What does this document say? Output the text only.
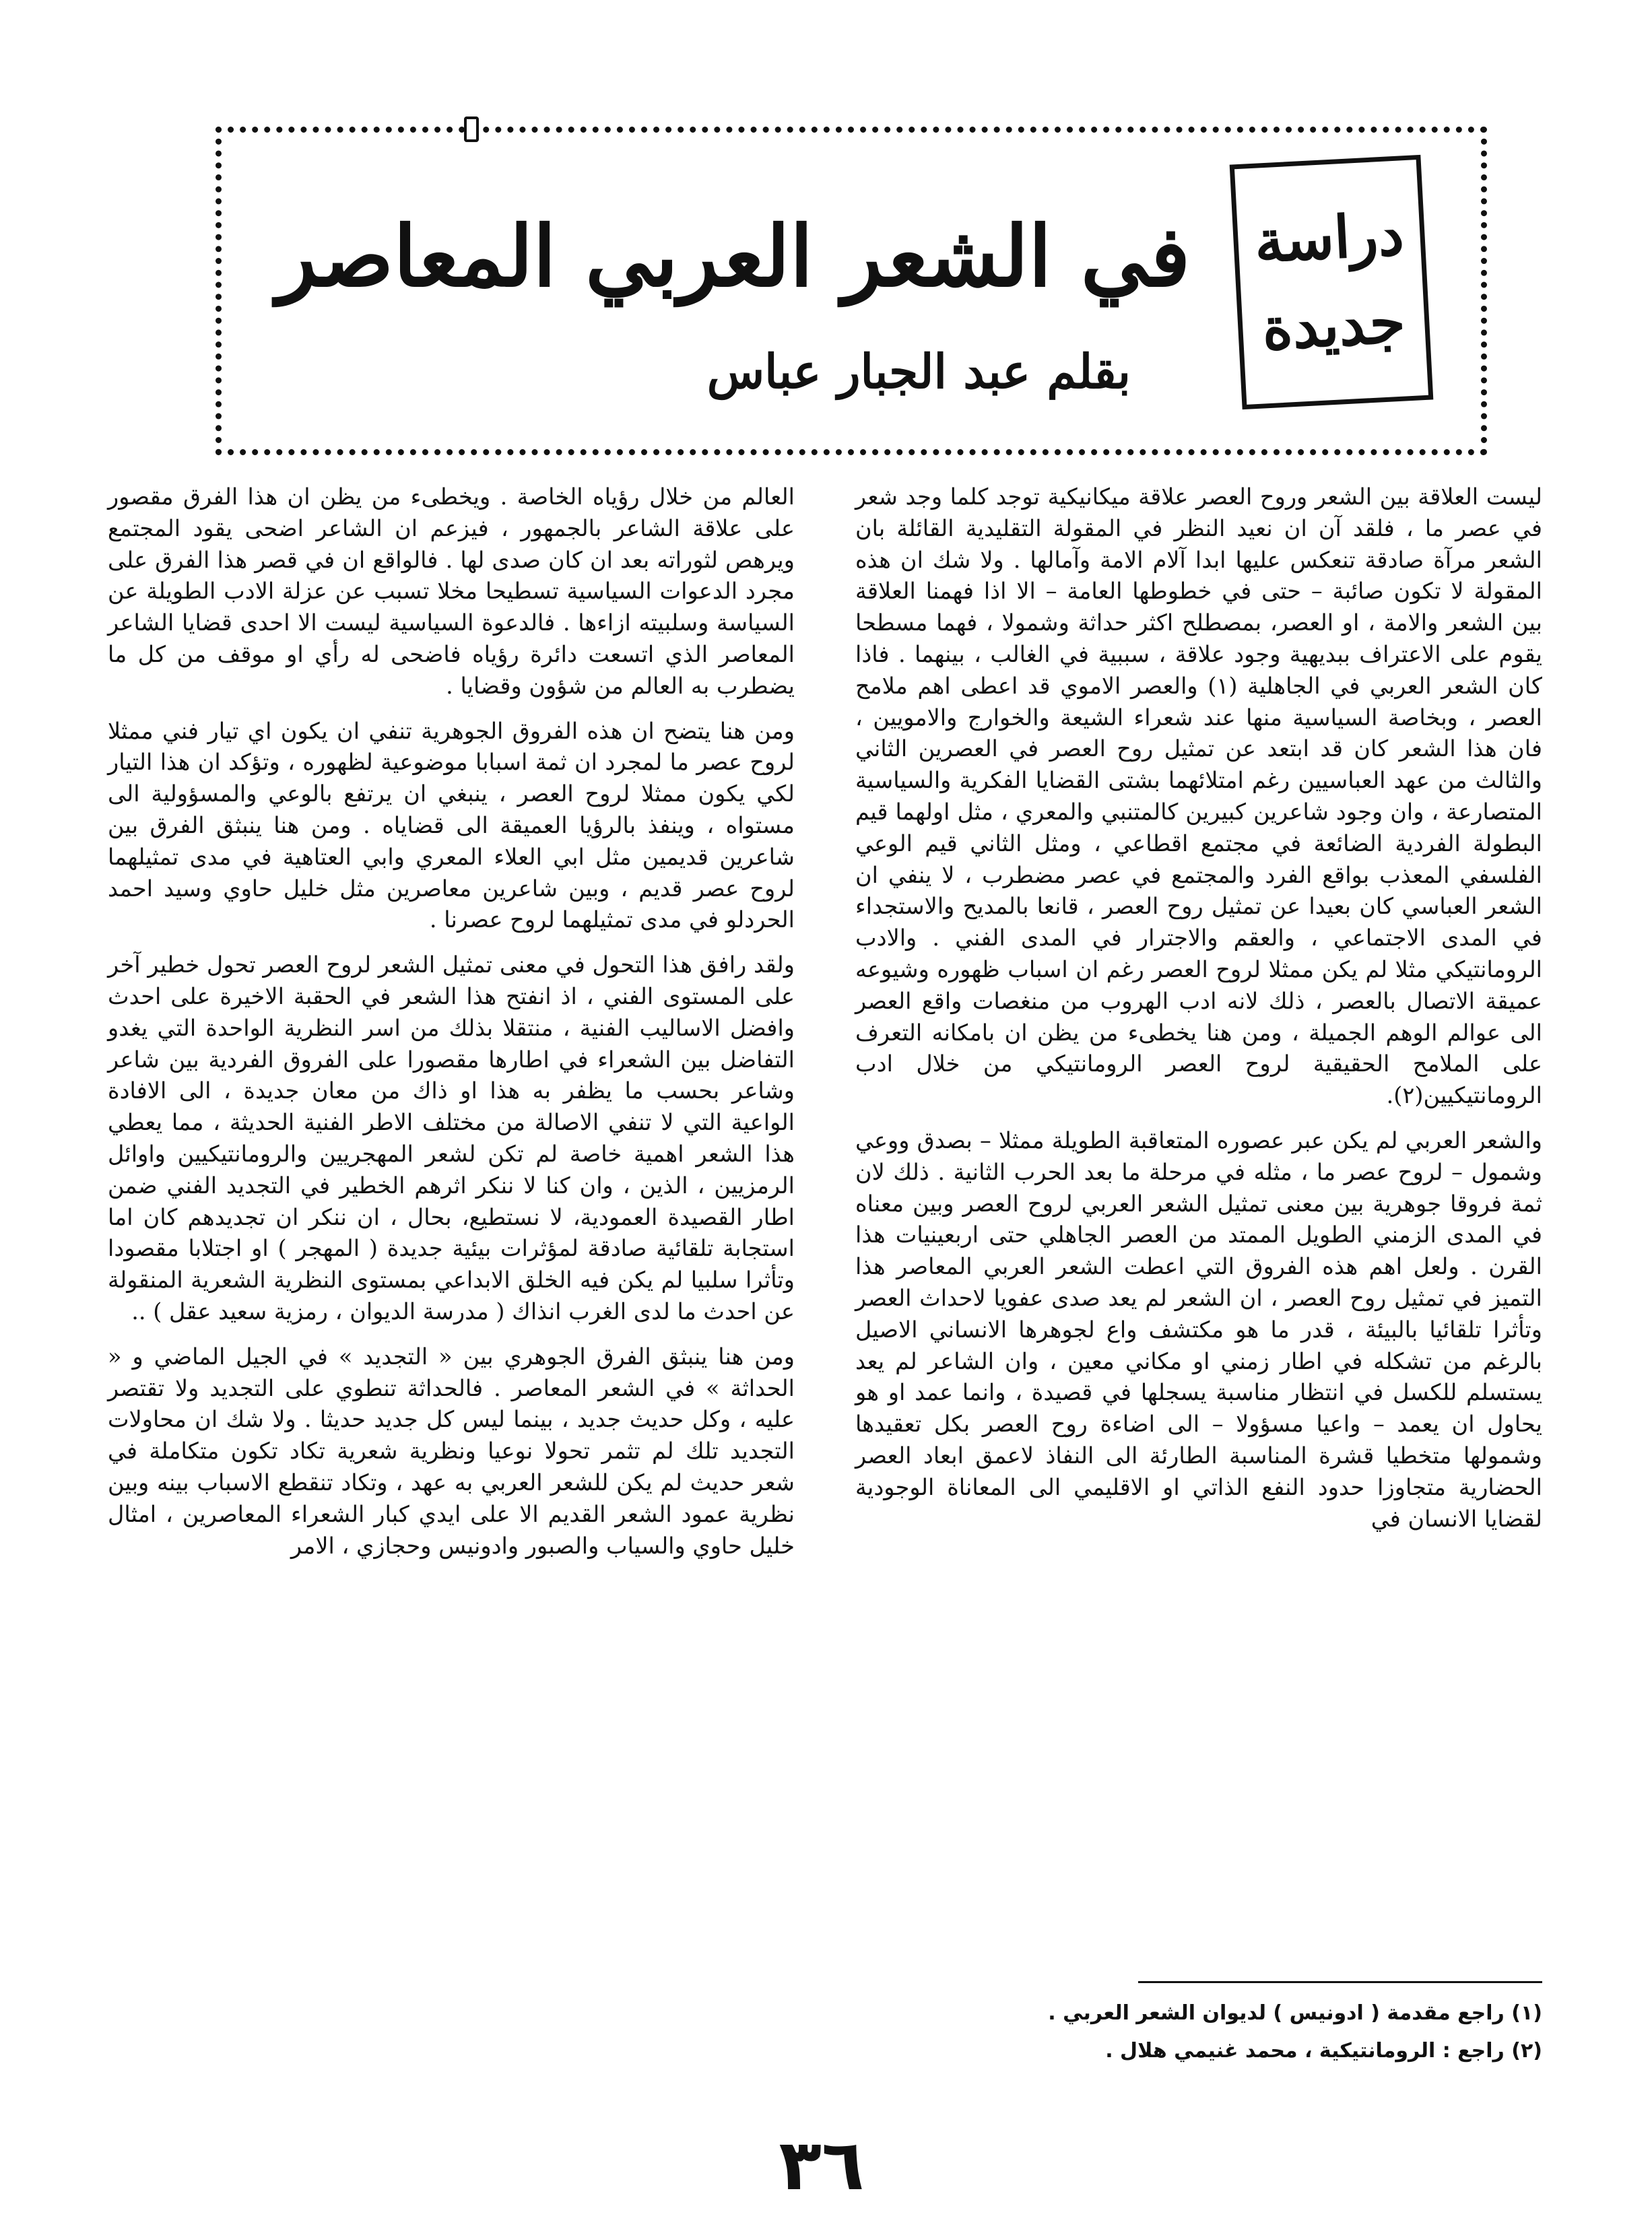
دراسة
جديدة
في الشعر العربي المعاصر
بقلم عبد الجبار عباس

ليست العلاقة بين الشعر وروح العصر علاقة ميكانيكية توجد كلما وجد شعر في عصر ما ، فلقد آن ان نعيد النظر في المقولة التقليدية القائلة بان الشعر مرآة صادقة تنعكس عليها ابدا آلام الامة وآمالها . ولا شك ان هذه المقولة لا تكون صائبة – حتى في خطوطها العامة – الا اذا فهمنا العلاقة بين الشعر والامة ، او العصر، بمصطلح اكثر حداثة وشمولا ، فهما مسطحا يقوم على الاعتراف ببديهية وجود علاقة ، سببية في الغالب ، بينهما . فاذا كان الشعر العربي في الجاهلية (١) والعصر الاموي قد اعطى اهم ملامح العصر ، وبخاصة السياسية منها عند شعراء الشيعة والخوارج والامويين ، فان هذا الشعر كان قد ابتعد عن تمثيل روح العصر في العصرين الثاني والثالث من عهد العباسيين رغم امتلائهما بشتى القضايا الفكرية والسياسية المتصارعة ، وان وجود شاعرين كبيرين كالمتنبي والمعري ، مثل اولهما قيم البطولة الفردية الضائعة في مجتمع اقطاعي ، ومثل الثاني قيم الوعي الفلسفي المعذب بواقع الفرد والمجتمع في عصر مضطرب ، لا ينفي ان الشعر العباسي كان بعيدا عن تمثيل روح العصر ، قانعا بالمديح والاستجداء في المدى الاجتماعي ، والعقم والاجترار في المدى الفني . والادب الرومانتيكي مثلا لم يكن ممثلا لروح العصر رغم ان اسباب ظهوره وشيوعه عميقة الاتصال بالعصر ، ذلك لانه ادب الهروب من منغصات واقع العصر الى عوالم الوهم الجميلة ، ومن هنا يخطىء من يظن ان بامكانه التعرف على الملامح الحقيقية لروح العصر الرومانتيكي من خلال ادب الرومانتيكيين(٢).

والشعر العربي لم يكن عبر عصوره المتعاقبة الطويلة ممثلا – بصدق ووعي وشمول – لروح عصر ما ، مثله في مرحلة ما بعد الحرب الثانية . ذلك لان ثمة فروقا جوهرية بين معنى تمثيل الشعر العربي لروح العصر وبين معناه في المدى الزمني الطويل الممتد من العصر الجاهلي حتى اربعينيات هذا القرن . ولعل اهم هذه الفروق التي اعطت الشعر العربي المعاصر هذا التميز في تمثيل روح العصر ، ان الشعر لم يعد صدى عفويا لاحداث العصر وتأثرا تلقائيا بالبيئة ، قدر ما هو مكتشف واع لجوهرها الانساني الاصيل بالرغم من تشكله في اطار زمني او مكاني معين ، وان الشاعر لم يعد يستسلم للكسل في انتظار مناسبة يسجلها في قصيدة ، وانما عمد او هو يحاول ان يعمد – واعيا مسؤولا – الى اضاءة روح العصر بكل تعقيدها وشمولها متخطيا قشرة المناسبة الطارئة الى النفاذ لاعمق ابعاد العصر الحضارية متجاوزا حدود النفع الذاتي او الاقليمي الى المعاناة الوجودية لقضايا الانسان في

العالم من خلال رؤياه الخاصة . ويخطىء من يظن ان هذا الفرق مقصور على علاقة الشاعر بالجمهور ، فيزعم ان الشاعر اضحى يقود المجتمع ويرهص لثوراته بعد ان كان صدى لها . فالواقع ان في قصر هذا الفرق على مجرد الدعوات السياسية تسطيحا مخلا تسبب عن عزلة الادب الطويلة عن السياسة وسلبيته ازاءها . فالدعوة السياسية ليست الا احدى قضايا الشاعر المعاصر الذي اتسعت دائرة رؤياه فاضحى له رأي او موقف من كل ما يضطرب به العالم من شؤون وقضايا .

ومن هنا يتضح ان هذه الفروق الجوهرية تنفي ان يكون اي تيار فني ممثلا لروح عصر ما لمجرد ان ثمة اسبابا موضوعية لظهوره ، وتؤكد ان هذا التيار لكي يكون ممثلا لروح العصر ، ينبغي ان يرتفع بالوعي والمسؤولية الى مستواه ، وينفذ بالرؤيا العميقة الى قضاياه . ومن هنا ينبثق الفرق بين شاعرين قديمين مثل ابي العلاء المعري وابي العتاهية في مدى تمثيلهما لروح عصر قديم ، وبين شاعرين معاصرين مثل خليل حاوي وسيد احمد الحردلو في مدى تمثيلهما لروح عصرنا .

ولقد رافق هذا التحول في معنى تمثيل الشعر لروح العصر تحول خطير آخر على المستوى الفني ، اذ انفتح هذا الشعر في الحقبة الاخيرة على احدث وافضل الاساليب الفنية ، منتقلا بذلك من اسر النظرية الواحدة التي يغدو التفاضل بين الشعراء في اطارها مقصورا على الفروق الفردية بين شاعر وشاعر بحسب ما يظفر به هذا او ذاك من معان جديدة ، الى الافادة الواعية التي لا تنفي الاصالة من مختلف الاطر الفنية الحديثة ، مما يعطي هذا الشعر اهمية خاصة لم تكن لشعر المهجريين والرومانتيكيين واوائل الرمزيين ، الذين ، وان كنا لا ننكر اثرهم الخطير في التجديد الفني ضمن اطار القصيدة العمودية، لا نستطيع، بحال ، ان ننكر ان تجديدهم كان اما استجابة تلقائية صادقة لمؤثرات بيئية جديدة ( المهجر ) او اجتلابا مقصودا وتأثرا سلبيا لم يكن فيه الخلق الابداعي بمستوى النظرية الشعرية المنقولة عن احدث ما لدى الغرب انذاك ( مدرسة الديوان ، رمزية سعيد عقل ) ..

ومن هنا ينبثق الفرق الجوهري بين « التجديد » في الجيل الماضي و « الحداثة » في الشعر المعاصر . فالحداثة تنطوي على التجديد ولا تقتصر عليه ، وكل حديث جديد ، بينما ليس كل جديد حديثا . ولا شك ان محاولات التجديد تلك لم تثمر تحولا نوعيا ونظرية شعرية تكاد تكون متكاملة في شعر حديث لم يكن للشعر العربي به عهد ، وتكاد تنقطع الاسباب بينه وبين نظرية عمود الشعر القديم الا على ايدي كبار الشعراء المعاصرين ، امثال خليل حاوي والسياب والصبور وادونيس وحجازي ، الامر

(١) راجع مقدمة ( ادونيس ) لديوان الشعر العربي .
(٢) راجع : الرومانتيكية ، محمد غنيمي هلال .
٣٦
